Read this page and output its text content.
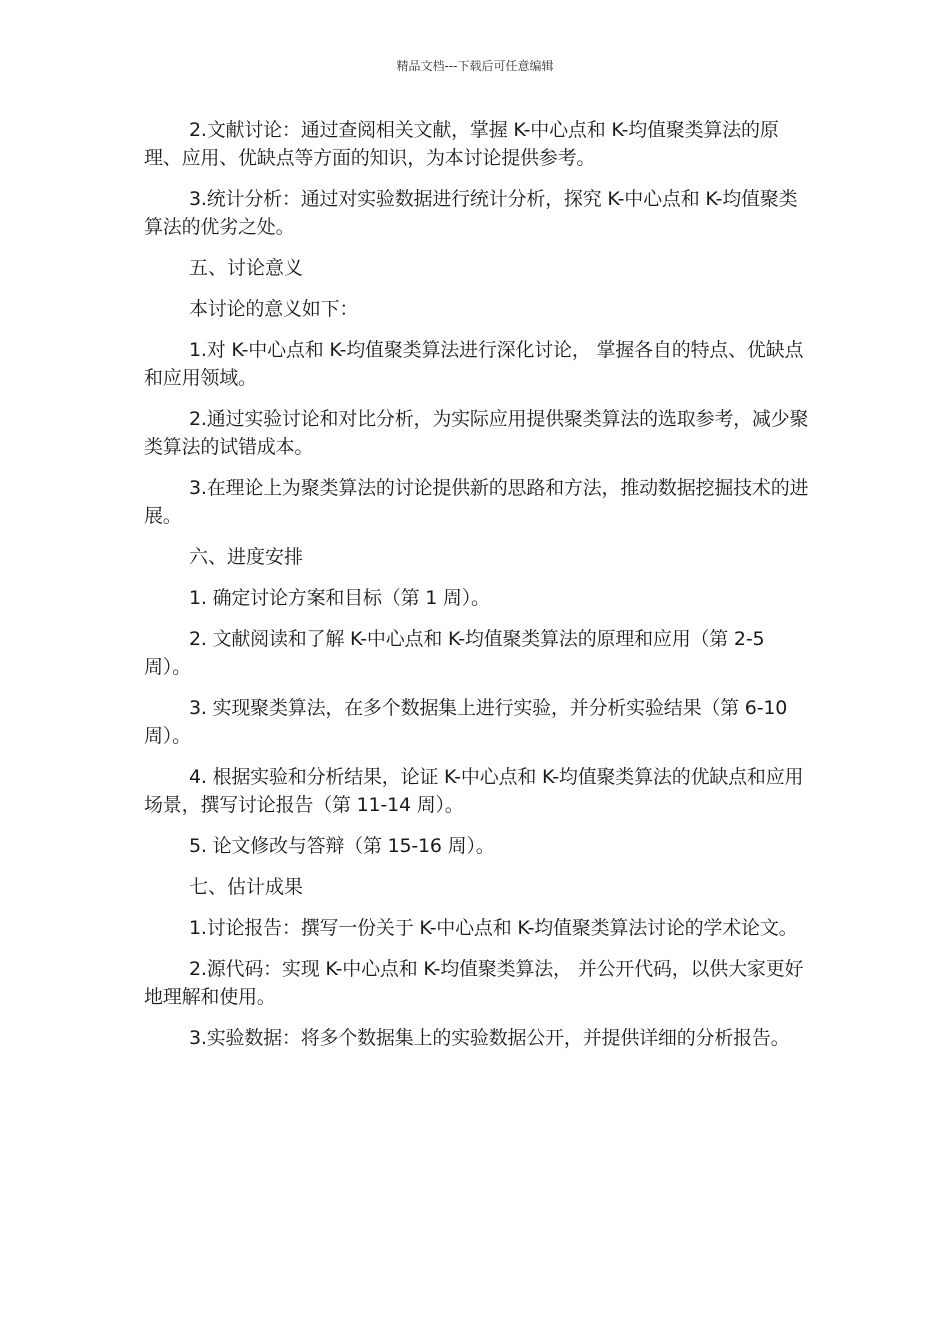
精品文档---下载后可任意编辑

2.文献讨论：通过查阅相关文献，掌握 K-中心点和 K-均值聚类算法的原理、应用、优缺点等方面的知识，为本讨论提供参考。

3.统计分析：通过对实验数据进行统计分析，探究 K-中心点和 K-均值聚类算法的优劣之处。

五、讨论意义

本讨论的意义如下：

1.对 K-中心点和 K-均值聚类算法进行深化讨论， 掌握各自的特点、优缺点和应用领域。

2.通过实验讨论和对比分析，为实际应用提供聚类算法的选取参考，减少聚类算法的试错成本。

3.在理论上为聚类算法的讨论提供新的思路和方法，推动数据挖掘技术的进展。

六、进度安排

1. 确定讨论方案和目标（第 1 周）。

2. 文献阅读和了解 K-中心点和 K-均值聚类算法的原理和应用（第 2-5 周）。

3. 实现聚类算法，在多个数据集上进行实验，并分析实验结果（第 6-10 周）。

4. 根据实验和分析结果，论证 K-中心点和 K-均值聚类算法的优缺点和应用场景，撰写讨论报告（第 11-14 周）。

5. 论文修改与答辩（第 15-16 周）。

七、估计成果

1.讨论报告：撰写一份关于 K-中心点和 K-均值聚类算法讨论的学术论文。

2.源代码：实现 K-中心点和 K-均值聚类算法， 并公开代码，以供大家更好地理解和使用。

3.实验数据：将多个数据集上的实验数据公开，并提供详细的分析报告。
